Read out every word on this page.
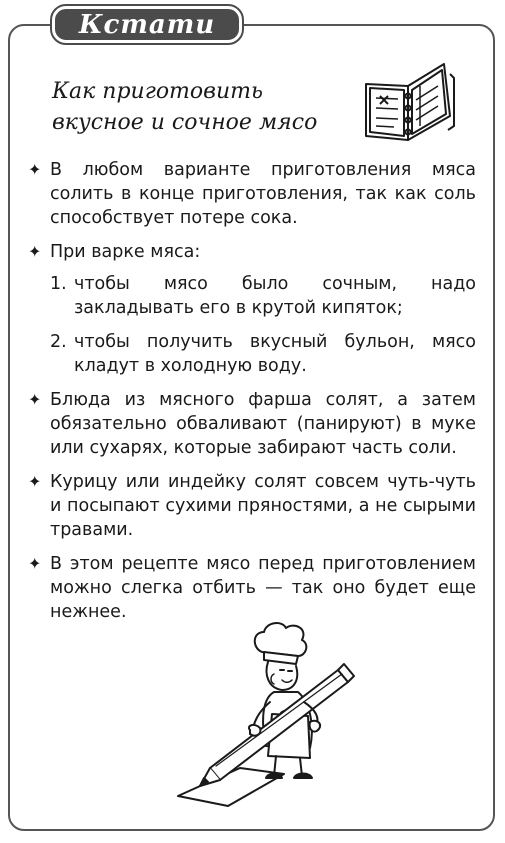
Кстати
Как приготовить
вкусное и сочное мясо
✦ В любом варианте приготовления мяса солить в конце приготовления, так как соль способствует потере сока.
✦ При варке мяса:
1. чтобы мясо было сочным, надо закладывать его в крутой кипяток;
2. чтобы получить вкусный бульон, мясо кладут в холодную воду.
✦ Блюда из мясного фарша солят, а затем обязательно обваливают (панируют) в муке или сухарях, которые забирают часть соли.
✦ Курицу или индейку солят совсем чуть-чуть и посыпают сухими пряностями, а не сырыми травами.
✦ В этом рецепте мясо перед приготовлением можно слегка отбить — так оно будет еще нежнее.
